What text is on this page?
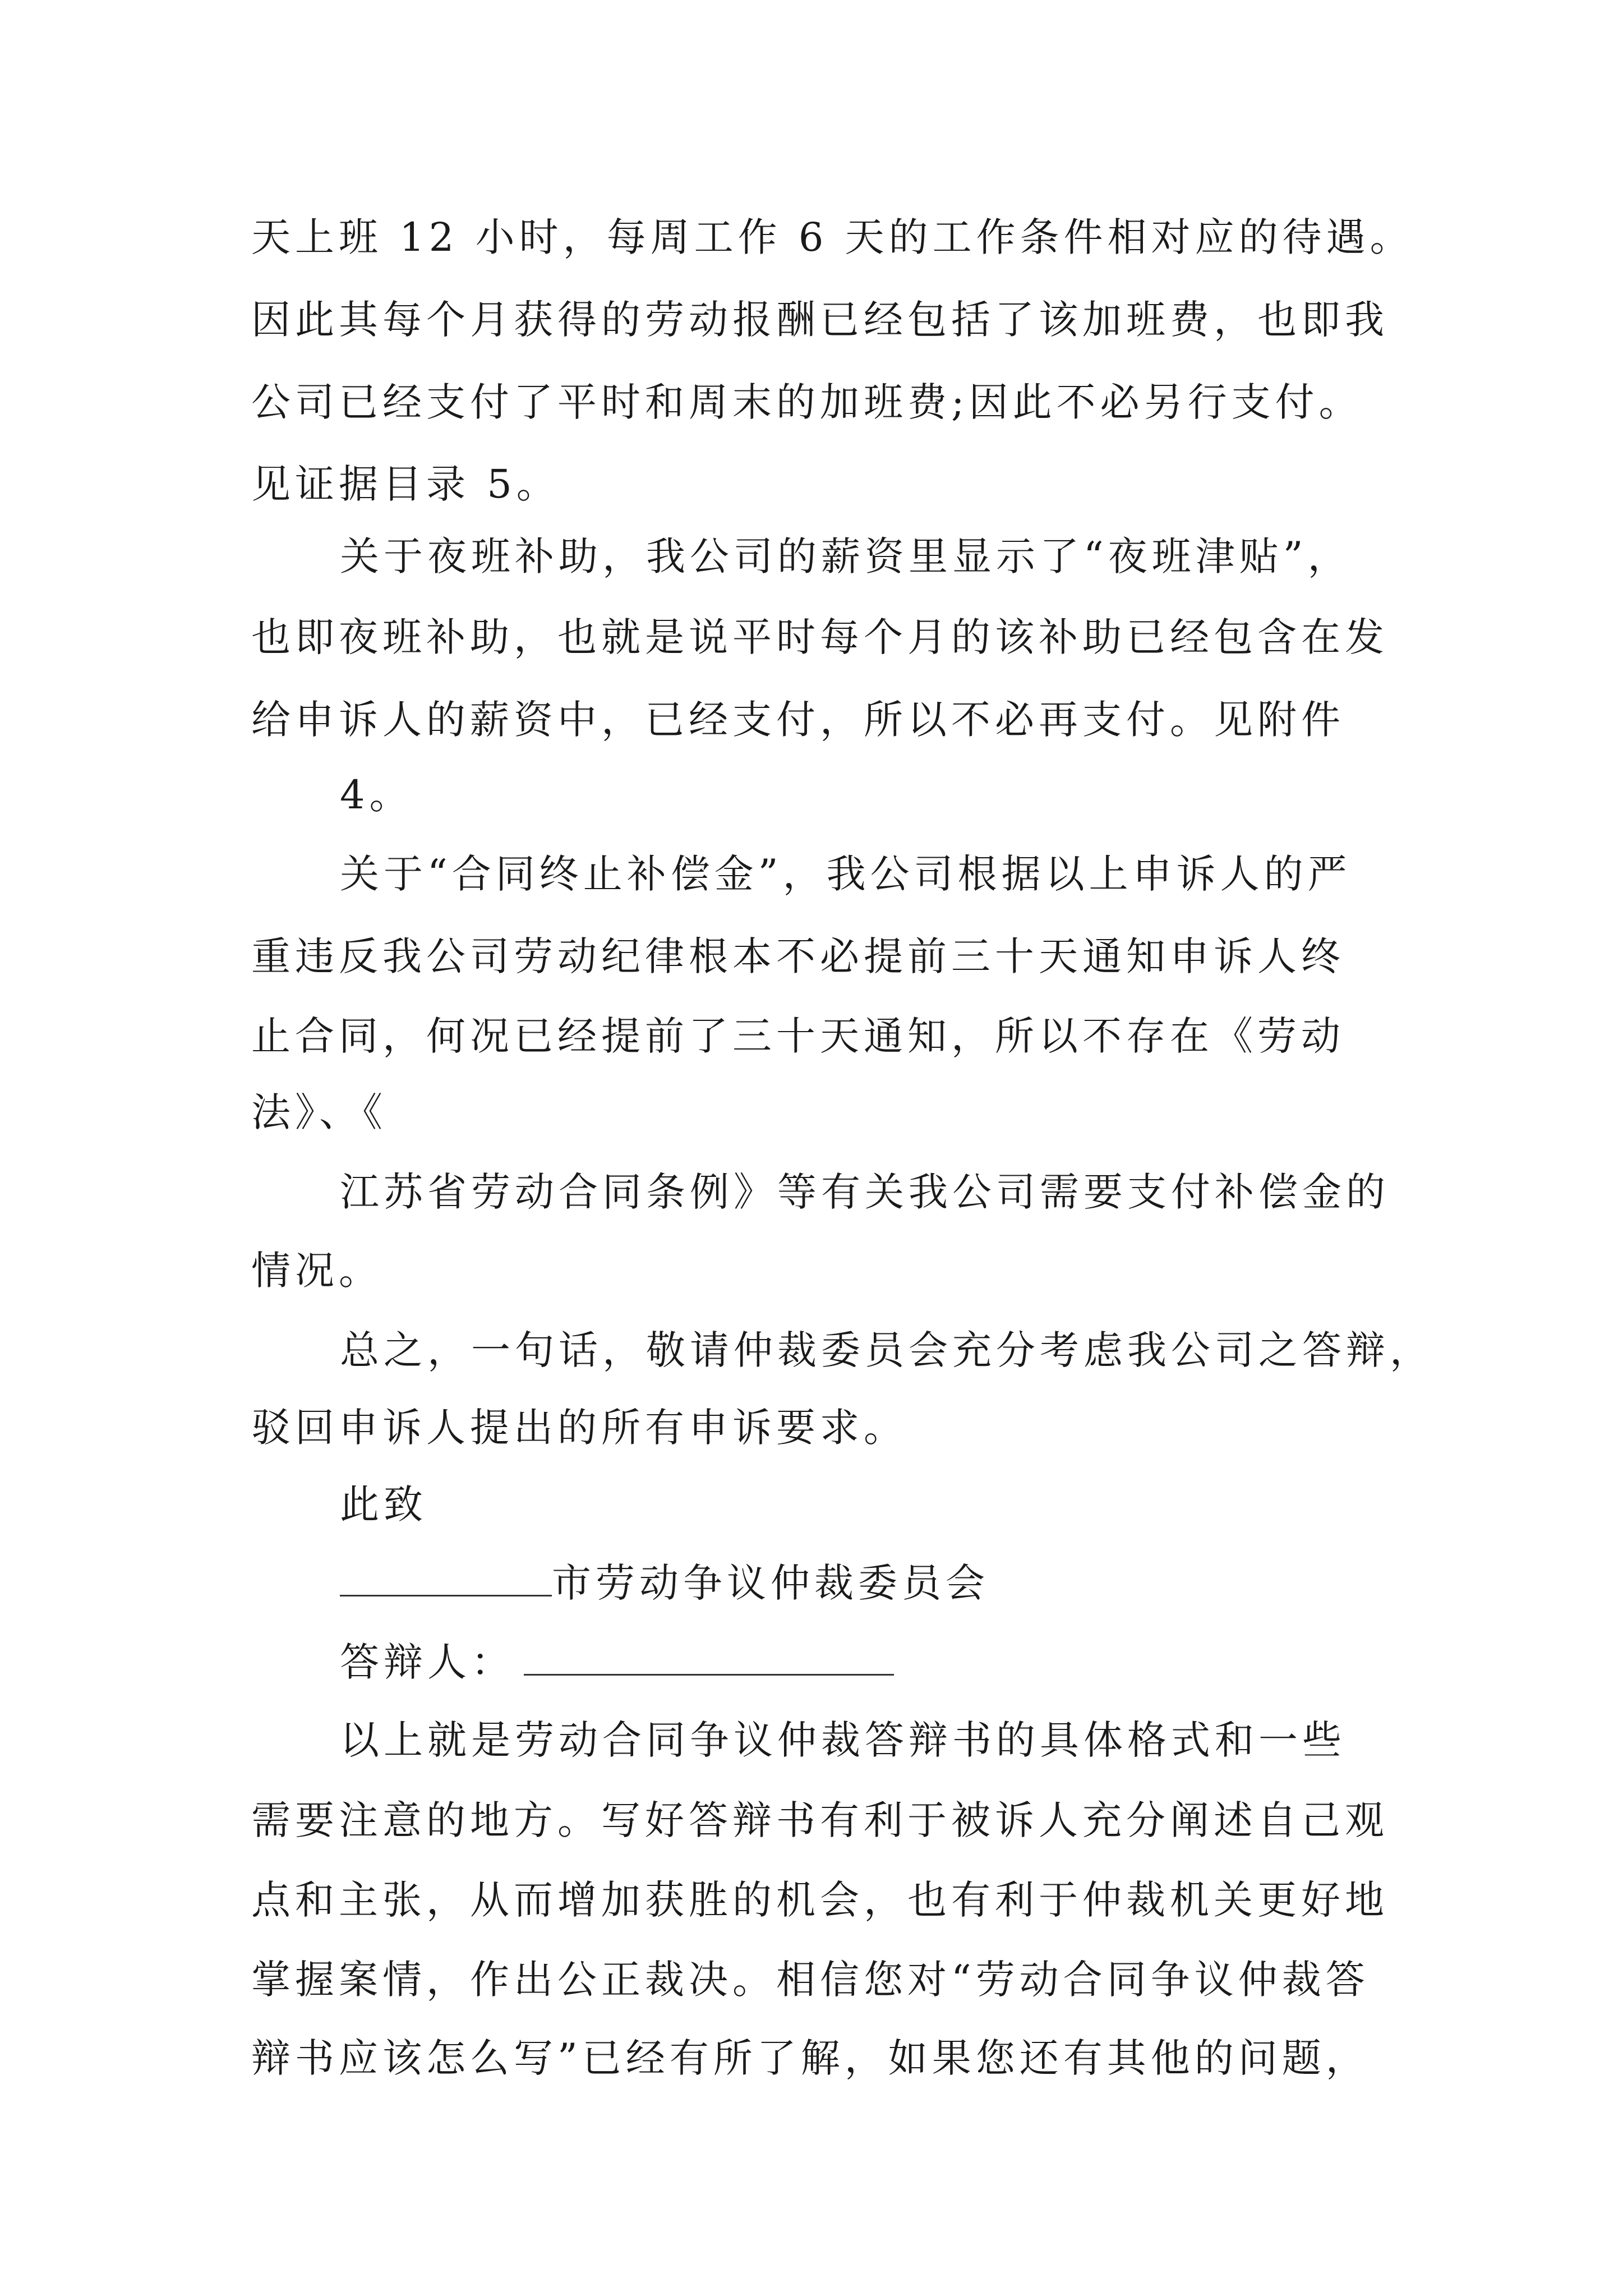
天上班 12 小时，每周工作 6 天的工作条件相对应的待遇。
因此其每个月获得的劳动报酬已经包括了该加班费，也即我
公司已经支付了平时和周末的加班费;因此不必另行支付。
见证据目录 5。
关于夜班补助，我公司的薪资里显示了“夜班津贴”，
也即夜班补助，也就是说平时每个月的该补助已经包含在发
给申诉人的薪资中，已经支付，所以不必再支付。见附件
4。
关于“合同终止补偿金”，我公司根据以上申诉人的严
重违反我公司劳动纪律根本不必提前三十天通知申诉人终
止合同，何况已经提前了三十天通知，所以不存在《劳动
法》、《
江苏省劳动合同条例》等有关我公司需要支付补偿金的
情况。
总之，一句话，敬请仲裁委员会充分考虑我公司之答辩，
驳回申诉人提出的所有申诉要求。
此致
市劳动争议仲裁委员会
答辩人：
以上就是劳动合同争议仲裁答辩书的具体格式和一些
需要注意的地方。写好答辩书有利于被诉人充分阐述自己观
点和主张，从而增加获胜的机会，也有利于仲裁机关更好地
掌握案情，作出公正裁决。相信您对“劳动合同争议仲裁答
辩书应该怎么写”已经有所了解，如果您还有其他的问题，
